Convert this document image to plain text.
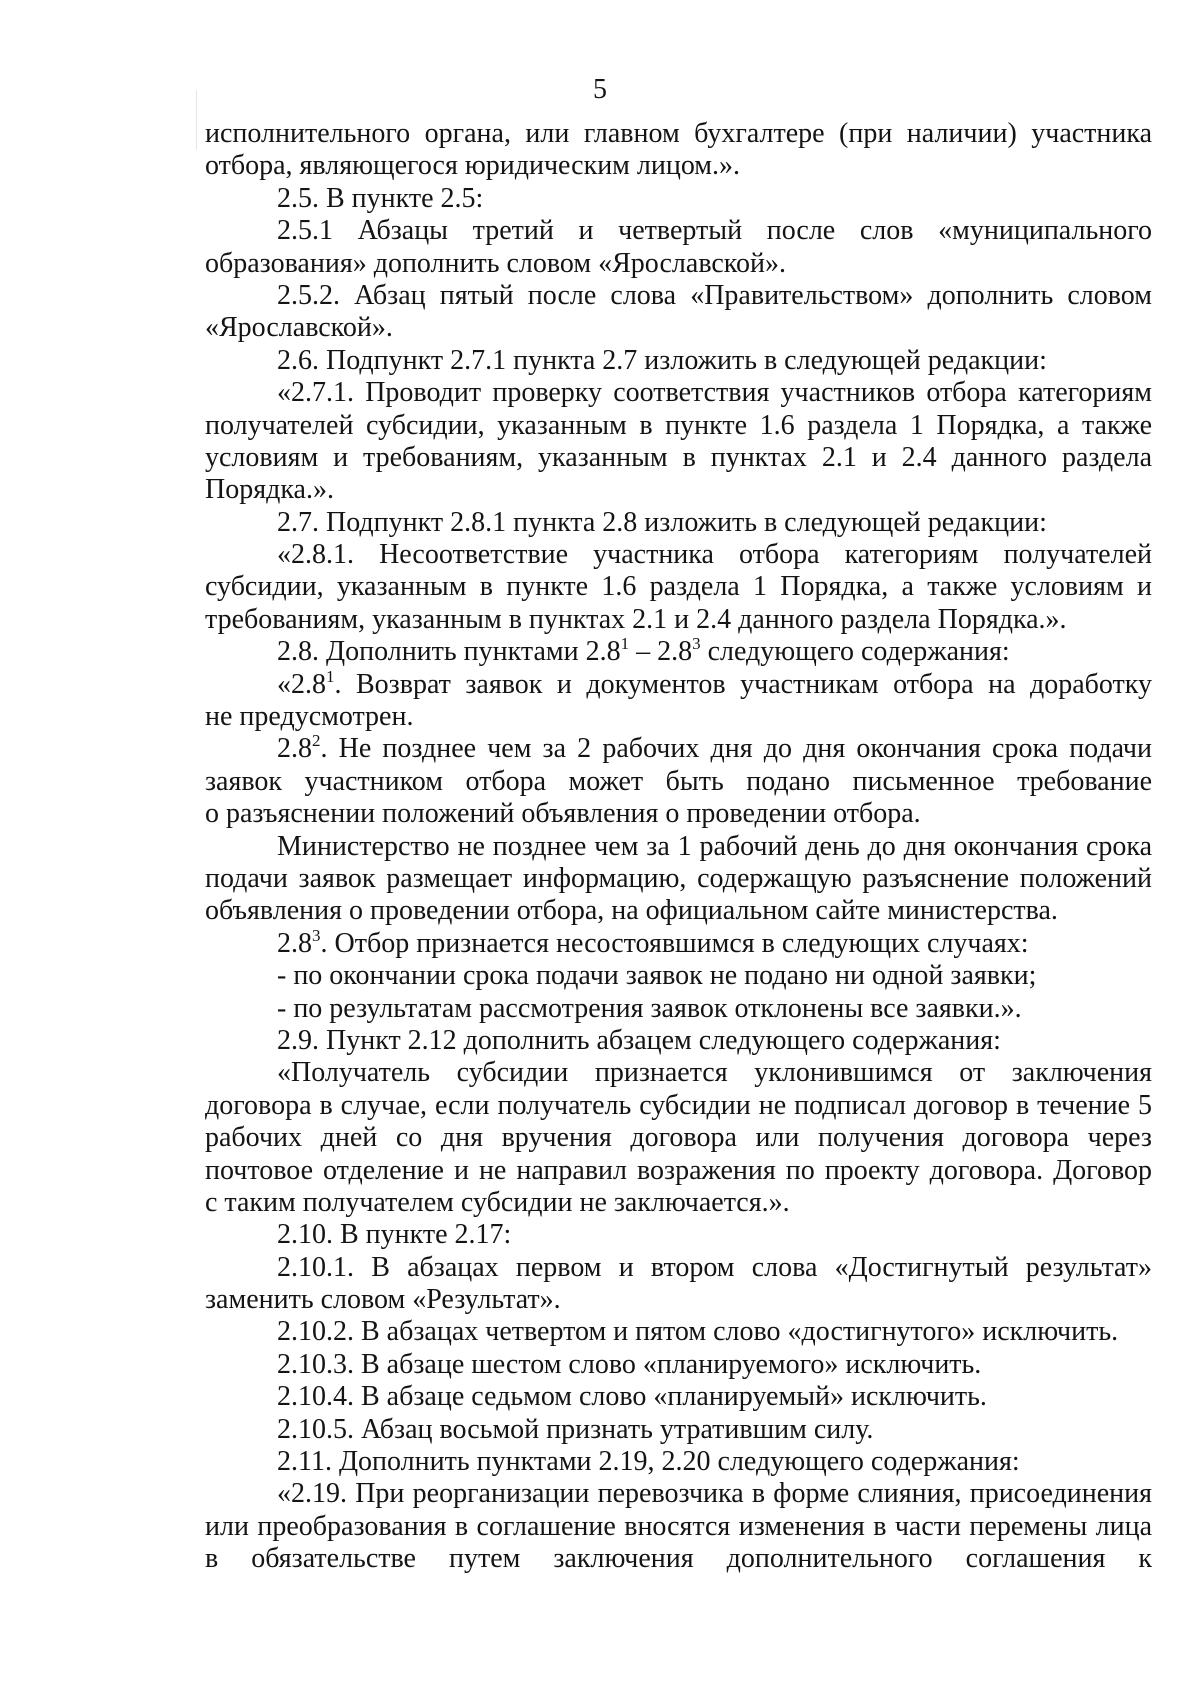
5
исполнительного органа, или главном бухгалтере (при наличии) участника
отбора, являющегося юридическим лицом.».
2.5. В пункте 2.5:
2.5.1 Абзацы третий и четвертый после слов «муниципального
образования» дополнить словом «Ярославской».
2.5.2. Абзац пятый после слова «Правительством» дополнить словом
«Ярославской».
2.6. Подпункт 2.7.1 пункта 2.7 изложить в следующей редакции:
«2.7.1. Проводит проверку соответствия участников отбора категориям
получателей субсидии, указанным в пункте 1.6 раздела 1 Порядка, а также
условиям и требованиям, указанным в пунктах 2.1 и 2.4 данного раздела
Порядка.».
2.7. Подпункт 2.8.1 пункта 2.8 изложить в следующей редакции:
«2.8.1. Несоответствие участника отбора категориям получателей
субсидии, указанным в пункте 1.6 раздела 1 Порядка, а также условиям и
требованиям, указанным в пунктах 2.1 и 2.4 данного раздела Порядка.».
2.8. Дополнить пунктами $2.8^1 - 2.8^3$ следующего содержания:
«$2.8^1$. Возврат заявок и документов участникам отбора на доработку
не предусмотрен.
$2.8^2$. Не позднее чем за 2 рабочих дня до дня окончания срока подачи
заявок участником отбора может быть подано письменное требование
о разъяснении положений объявления о проведении отбора.
Министерство не позднее чем за 1 рабочий день до дня окончания срока
подачи заявок размещает информацию, содержащую разъяснение положений
объявления о проведении отбора, на официальном сайте министерства.
$2.8^3$. Отбор признается несостоявшимся в следующих случаях:
- по окончании срока подачи заявок не подано ни одной заявки;
- по результатам рассмотрения заявок отклонены все заявки.».
2.9. Пункт 2.12 дополнить абзацем следующего содержания:
«Получатель субсидии признается уклонившимся от заключения
договора в случае, если получатель субсидии не подписал договор в течение 5
рабочих дней со дня вручения договора или получения договора через
почтовое отделение и не направил возражения по проекту договора. Договор
с таким получателем субсидии не заключается.».
2.10. В пункте 2.17:
2.10.1. В абзацах первом и втором слова «Достигнутый результат»
заменить словом «Результат».
2.10.2. В абзацах четвертом и пятом слово «достигнутого» исключить.
2.10.3. В абзаце шестом слово «планируемого» исключить.
2.10.4. В абзаце седьмом слово «планируемый» исключить.
2.10.5. Абзац восьмой признать утратившим силу.
2.11. Дополнить пунктами 2.19, 2.20 следующего содержания:
«2.19. При реорганизации перевозчика в форме слияния, присоединения
или преобразования в соглашение вносятся изменения в части перемены лица
в обязательстве путем заключения дополнительного соглашения к
